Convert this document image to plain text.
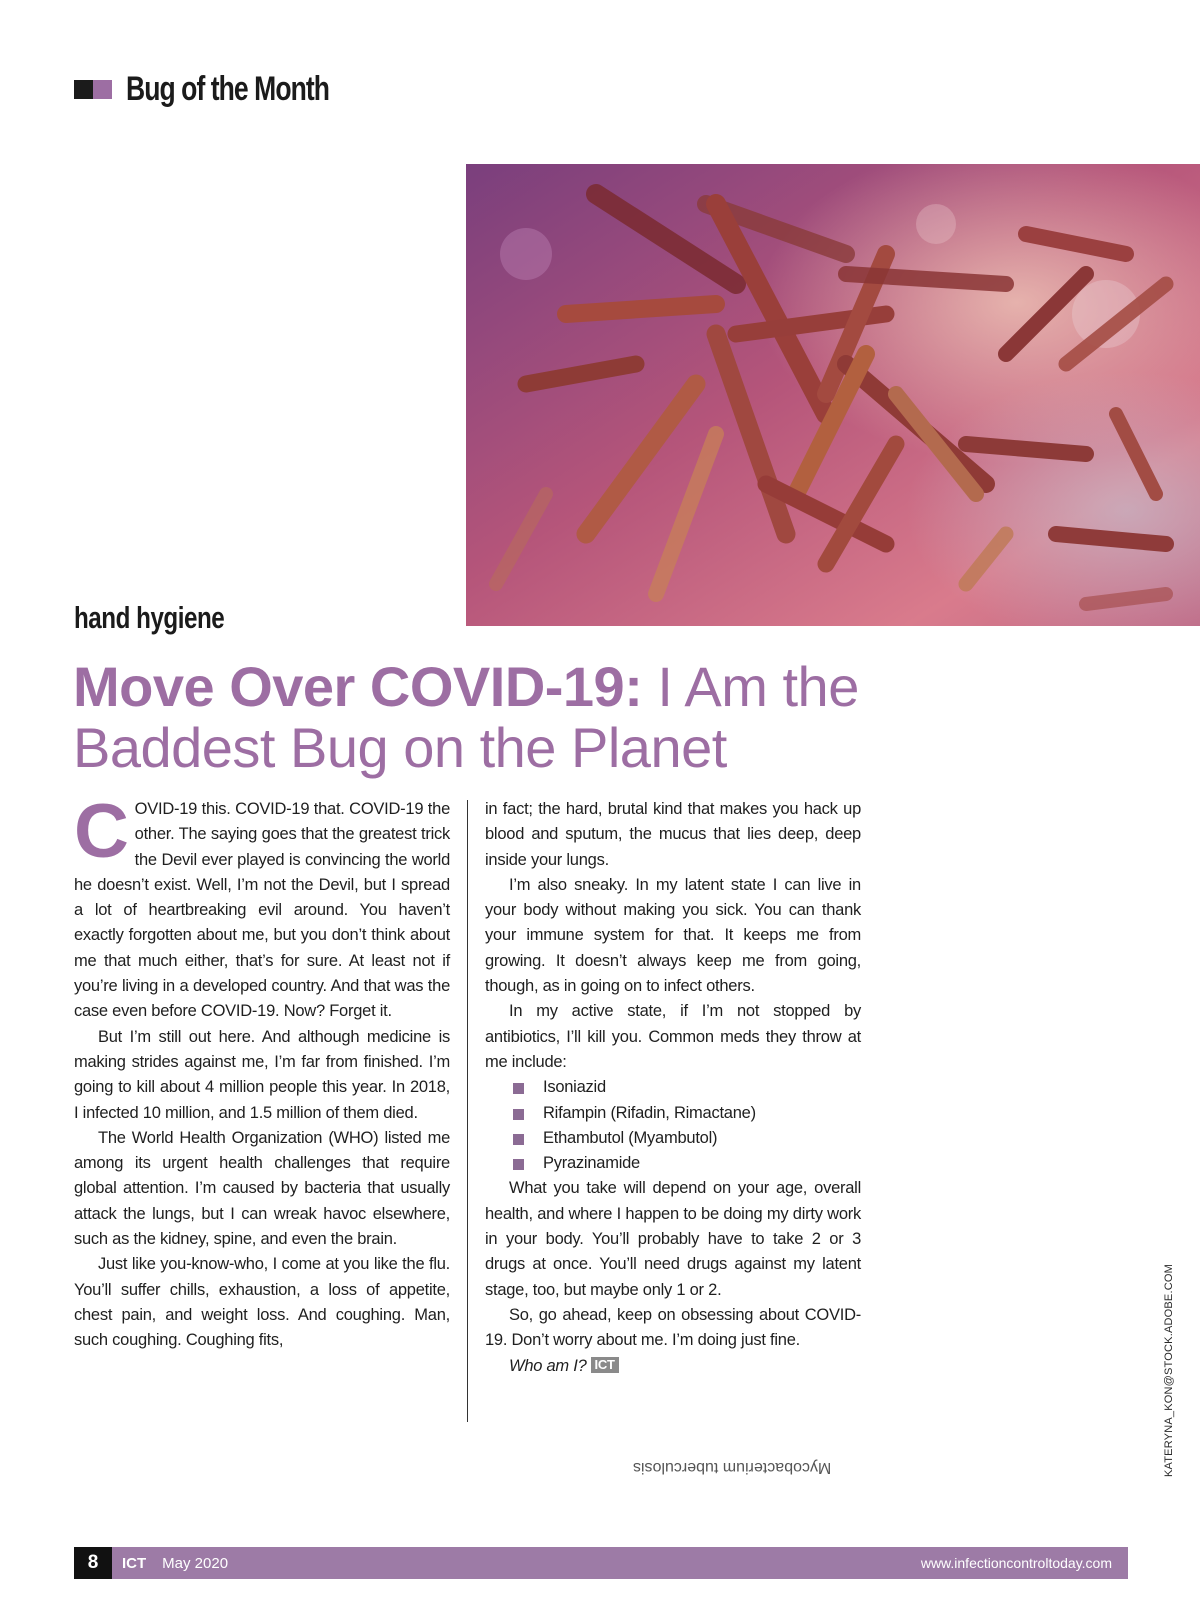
Bug of the Month
hand hygiene
Move Over COVID-19: I Am the Baddest Bug on the Planet

COVID-19 this. COVID-19 that. COVID-19 the other. The saying goes that the greatest trick the Devil ever played is convincing the world he doesn’t exist. Well, I’m not the Devil, but I spread a lot of heartbreaking evil around. You haven’t exactly forgotten about me, but you don’t think about me that much either, that’s for sure. At least not if you’re living in a developed country. And that was the case even before COVID-19. Now? Forget it.

But I’m still out here. And although medicine is making strides against me, I’m far from finished. I’m going to kill about 4 million people this year. In 2018, I infected 10 million, and 1.5 million of them died.

The World Health Organization (WHO) listed me among its urgent health challenges that require global attention. I’m caused by bacteria that usually attack the lungs, but I can wreak havoc elsewhere, such as the kidney, spine, and even the brain.

Just like you-know-who, I come at you like the flu. You’ll suffer chills, exhaustion, a loss of appetite, chest pain, and weight loss. And coughing. Man, such coughing. Coughing fits,

in fact; the hard, brutal kind that makes you hack up blood and sputum, the mucus that lies deep, deep inside your lungs.

I’m also sneaky. In my latent state I can live in your body without making you sick. You can thank your immune system for that. It keeps me from growing. It doesn’t always keep me from going, though, as in going on to infect others.

In my active state, if I’m not stopped by antibiotics, I’ll kill you. Common meds they throw at me include:

Isoniazid
Rifampin (Rifadin, Rimactane)
Ethambutol (Myambutol)
Pyrazinamide

What you take will depend on your age, overall health, and where I happen to be doing my dirty work in your body. You’ll probably have to take 2 or 3 drugs at once. You’ll need drugs against my latent stage, too, but maybe only 1 or 2.

So, go ahead, keep on obsessing about COVID-19. Don’t worry about me. I’m doing just fine.

Who am I? ICT

Mycobacterium tuberculosis	KATERYNA_KON@STOCK.ADOBE.COM
8	ICT May 2020	www.infectioncontroltoday.com
